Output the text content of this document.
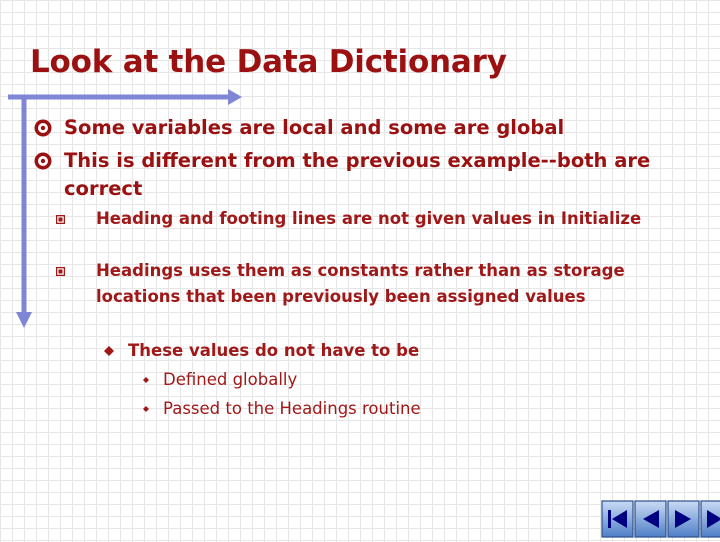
Look at the Data Dictionary
Some variables are local and some are global
This is different from the previous example--both are correct
Heading and footing lines are not given values in Initialize
Headings uses them as constants rather than as storage locations that been previously been assigned values
These values do not have to be
Defined globally
Passed to the Headings routine
